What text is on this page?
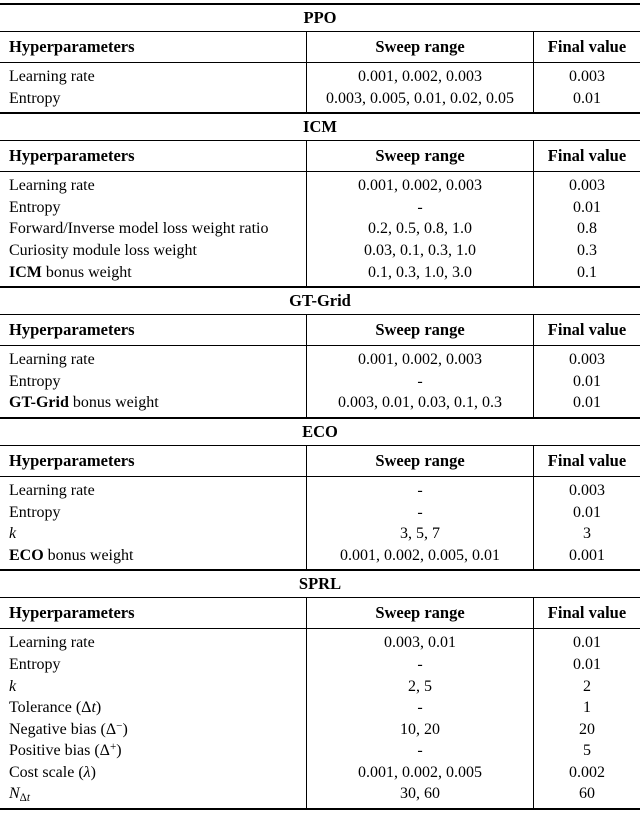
PPO
Hyperparameters	Sweep range	Final value
Learning rate	0.001, 0.002, 0.003	0.003
Entropy	0.003, 0.005, 0.01, 0.02, 0.05	0.01
ICM
Hyperparameters	Sweep range	Final value
Learning rate	0.001, 0.002, 0.003	0.003
Entropy	-	0.01
Forward/Inverse model loss weight ratio	0.2, 0.5, 0.8, 1.0	0.8
Curiosity module loss weight	0.03, 0.1, 0.3, 1.0	0.3
ICM bonus weight	0.1, 0.3, 1.0, 3.0	0.1
GT-Grid
Hyperparameters	Sweep range	Final value
Learning rate	0.001, 0.002, 0.003	0.003
Entropy	-	0.01
GT-Grid bonus weight	0.003, 0.01, 0.03, 0.1, 0.3	0.01
ECO
Hyperparameters	Sweep range	Final value
Learning rate	-	0.003
Entropy	-	0.01
k	3, 5, 7	3
ECO bonus weight	0.001, 0.002, 0.005, 0.01	0.001
SPRL
Hyperparameters	Sweep range	Final value
Learning rate	0.003, 0.01	0.01
Entropy	-	0.01
k	2, 5	2
Tolerance (Δt)	-	1
Negative bias (Δ−)	10, 20	20
Positive bias (Δ+)	-	5
Cost scale (λ)	0.001, 0.002, 0.005	0.002
$N_{\Delta t}$	30, 60	60
